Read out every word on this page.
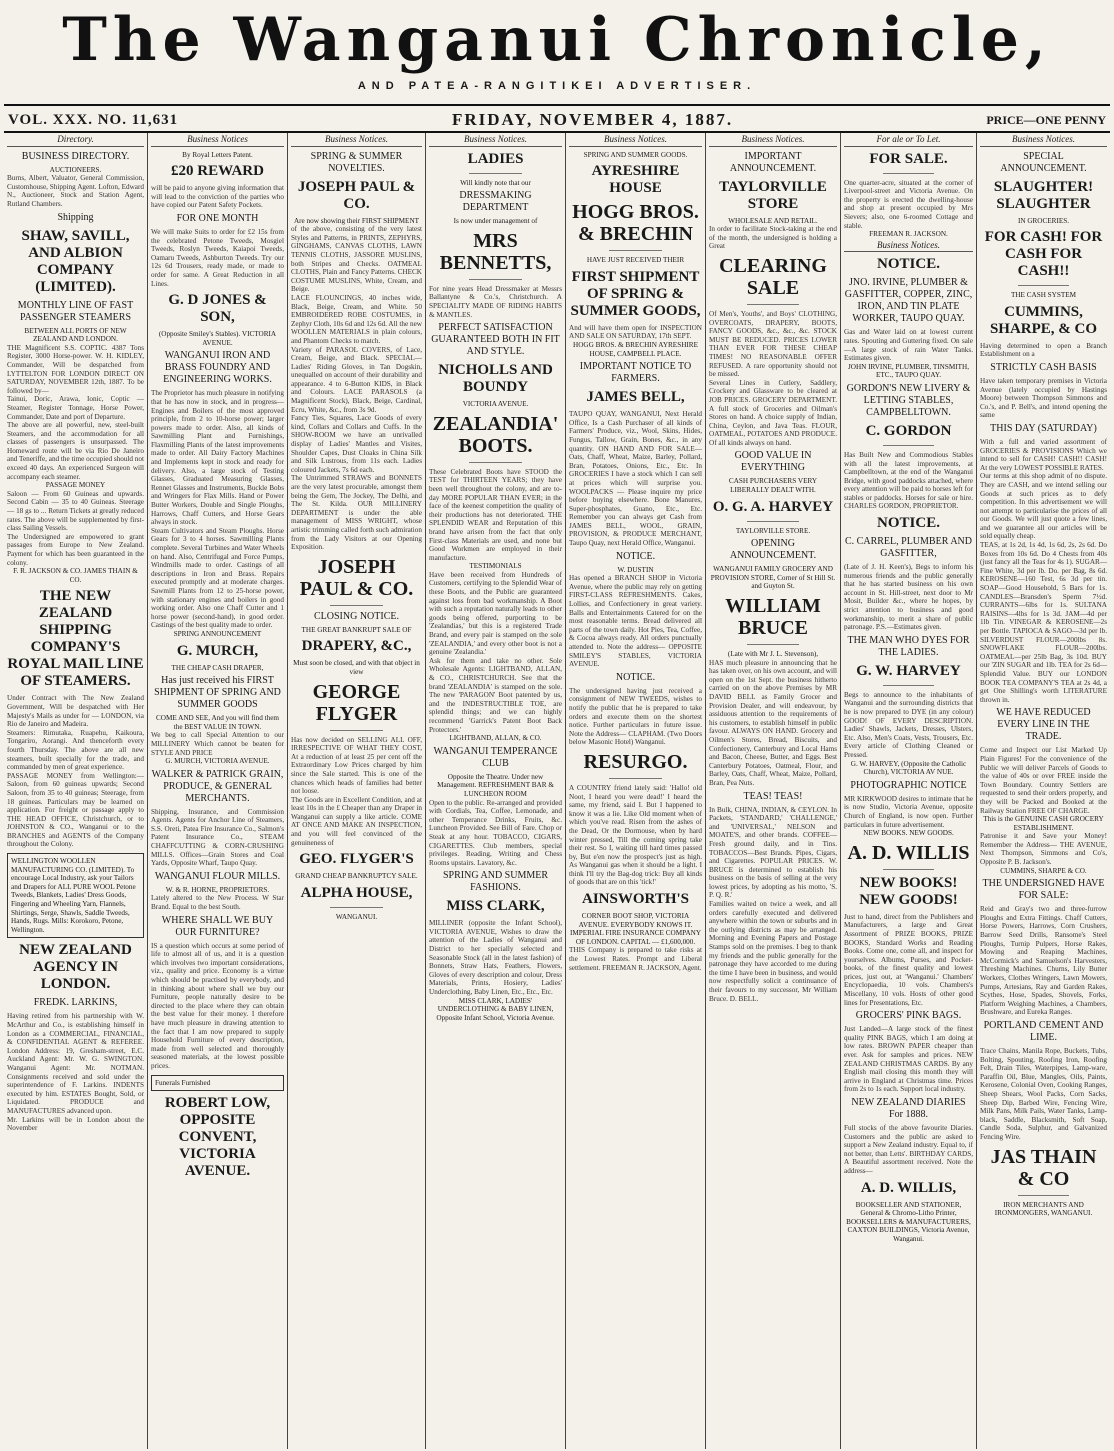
The Wanganui Chronicle,
AND PATEA-RANGITIKEI ADVERTISER.
VOL. XXX. NO. 11,631	FRIDAY, NOVEMBER 4, 1887.	PRICE—ONE PENNY
Directory.
BUSINESS DIRECTORY.
AUCTIONEERS.
Burns, Albert, Valuator, General Commission, Customhouse, Shipping Agent. Lofton, Edward N., Auctioneer, Stock and Station Agent, Rutland Chambers.
Shipping
SHAW, SAVILL, AND ALBION COMPANY (LIMITED).
MONTHLY LINE OF FAST PASSENGER STEAMERS
BETWEEN ALL PORTS OF NEW ZEALAND AND LONDON.
THE Magnificent S.S. COPTIC. 4387 Tons Register, 3000 Horse-power. W. H. KIDLEY, Commander, Will be despatched from LYTTELTON FOR LONDON DIRECT ON SATURDAY, NOVEMBER 12th, 1887. To be followed by—
Tainui, Doric, Arawa, Ionic, Coptic — Steamer, Register Tonnage, Horse Power, Commander, Date and port of Departure.
The above are all powerful, new, steel-built Steamers, and the accommodation for all classes of passengers is unsurpassed. The Homeward route will be via Rio De Janeiro and Teneriffe, and the time occupied should not exceed 40 days. An experienced Surgeon will accompany each steamer.
PASSAGE MONEY
Saloon — From 60 Guineas and upwards. Second Cabin — 35 to 40 Guineas. Steerage — 18 gs to ... Return Tickets at greatly reduced rates. The above will be supplemented by first-class Sailing Vessels.
The Undersigned are empowered to grant passages from Europe to New Zealand. Payment for which has been guaranteed in the colony.
F. R. JACKSON & CO. JAMES THAIN & CO.
THE NEW ZEALAND SHIPPING COMPANY'S ROYAL MAIL LINE OF STEAMERS.
Under Contract with The New Zealand Government, Will be despatched with Her Majesty's Mails as under for — LONDON, via Rio de Janeiro and Madeira.
Steamers: Rimutaka, Ruapehu, Kaikoura, Tongariro, Aorangi. And thenceforth every fourth Thursday. The above are all new steamers, built specially for the trade, and commanded by men of great experience.
PASSAGE MONEY from Wellington:— Saloon, from 60 guineas upwards; Second Saloon, from 35 to 40 guineas; Steerage, from 18 guineas. Particulars may be learned on application. For freight or passage apply to THE HEAD OFFICE, Christchurch, or to JOHNSTON & CO., Wanganui or to the BRANCHES and AGENTS of the Company throughout the Colony.
WELLINGTON WOOLLEN MANUFACTURING CO. (LIMITED). To encourage Local Industry, ask your Tailors and Drapers for ALL PURE WOOL Petone Tweeds, Blankets, Ladies' Dress Goods, Fingering and Wheeling Yarn, Flannels, Shirtings, Serge, Shawls, Saddle Tweeds, Hands, Rugs. Mills: Korokoro, Petone, Wellington.
NEW ZEALAND AGENCY IN LONDON.
FREDK. LARKINS,
Having retired from his partnership with W. McArthur and Co., is establishing himself in London as a COMMERCIAL, FINANCIAL, & CONFIDENTIAL AGENT & REFEREE. London Address: 19, Gresham-street, E.C. Auckland Agent: Mr. W. G. SWINGTON. Wanganui Agent: Mr. NOTMAN. Consignments received and sold under the superintendence of F. Larkins. INDENTS executed by him. ESTATES Bought, Sold, or Liquidated. PRODUCE and MANUFACTURES advanced upon.
Mr. Larkins will be in London about the November
Business Notices
By Royal Letters Patent.
£20 REWARD
will be paid to anyone giving information that will lead to the conviction of the parties who have copied our Patent Safety Pockets.
FOR ONE MONTH
We will make Suits to order for £2 15s from the celebrated Petone Tweeds, Mosgiel Tweeds, Roslyn Tweeds, Kaiapoi Tweeds, Oamaru Tweeds, Ashburton Tweeds. Try our 12s 6d Trousers, ready made, or made to order for same. A Great Reduction in all Lines.
G. D JONES & SON,
(Opposite Smiley's Stables). VICTORIA AVENUE.
WANGANUI IRON AND BRASS FOUNDRY AND ENGINEERING WORKS.
The Proprietor has much pleasure in notifying that he has now in stock, and in progress— Engines and Boilers of the most approved principle, from 2 to 10-horse power; larger powers made to order. Also, all kinds of Sawmilling Plant and Furnishings, Flaxmilling Plants of the latest improvements made to order. All Dairy Factory Machines and Implements kept in stock and ready for delivery. Also, a large stock of Testing Glasses, Graduated Measuring Glasses, Rennet Glasses and Instruments, Buckle Bobs and Wringers for Flax Mills. Hand or Power Butter Workers, Double and Single Ploughs, Harrows, Chaff Cutters, and Horse Gears always in stock.
Steam Cultivators and Steam Ploughs. Horse Gears for 3 to 4 horses. Sawmilling Plants complete. Several Turbines and Water Wheels on hand. Also, Centrifugal and Force Pumps, Windmills made to order. Castings of all descriptions in Iron and Brass. Repairs executed promptly and at moderate charges. Sawmill Plants from 12 to 25-horse power, with stationary engines and boilers in good working order. Also one Chaff Cutter and 1 horse power (second-hand), in good order. Castings of the best quality made to order.
SPRING ANNOUNCEMENT
G. MURCH,
THE CHEAP CASH DRAPER,
Has just received his FIRST SHIPMENT OF SPRING AND SUMMER GOODS
COME AND SEE, And you will find them the BEST VALUE IN TOWN.
We beg to call Special Attention to our MILLINERY Which cannot be beaten for STYLE AND PRICE
G. MURCH, VICTORIA AVENUE.
WALKER & PATRICK GRAIN, PRODUCE, & GENERAL MERCHANTS.
Shipping, Insurance, and Commission Agents. Agents for Anchor Line of Steamers, S.S. Oreti, Patea Fire Insurance Co., Salmon's Patent Insurance Co., STEAM CHAFFCUTTING & CORN-CRUSHING MILLS. Offices—Grain Stores and Coal Yards, Opposite Wharf, Taupo Quay.
WANGANUI FLOUR MILLS.
W. & R. HORNE, PROPRIETORS.
Lately altered to the New Process. W Star Brand. Equal to the best South.
WHERE SHALL WE BUY OUR FURNITURE?
IS a question which occurs at some period of life to almost all of us, and it is a question which involves two important considerations, viz., quality and price. Economy is a virtue which should be practised by everybody, and in thinking about where shall we buy our Furniture, people naturally desire to be directed to the place where they can obtain the best value for their money. I therefore have much pleasure in drawing attention to the fact that I am now prepared to supply Household Furniture of every description, made from well selected and thoroughly seasoned materials, at the lowest possible prices.
Funerals Furnished
ROBERT LOW, OPPOSITE CONVENT, VICTORIA AVENUE.
Business Notices.
SPRING & SUMMER NOVELTIES.
JOSEPH PAUL & CO.
Are now showing their FIRST SHIPMENT
of the above, consisting of the very latest Styles and Patterns, in PRINTS, ZEPHYRS, GINGHAMS, CANVAS CLOTHS, LAWN TENNIS CLOTHS, JASSORE MUSLINS, both Stripes and Checks. OATMEAL CLOTHS, Plain and Fancy Patterns. CHECK COSTUME MUSLINS, White, Cream, and Beige.
LACE FLOUNCINGS, 40 inches wide, Black, Beige, Cream, and White. 50 EMBROIDERED ROBE COSTUMES, in Zephyr Cloth, 10s 6d and 12s 6d. All the new WOOLLEN MATERIALS in plain colours, and Phantom Checks to match.
Variety of PARASOL COVERS, of Lace, Cream, Beige, and Black. SPECIAL—Ladies' Riding Gloves, in Tan Dogskin, unequalled on account of their durability and appearance. 4 to 6-Button KIDS, in Black and Colours. LACE PARASOLS (a Magnificent Stock), Black, Beige, Cardinal, Ecru, White, &c., from 3s 9d.
Fancy Ties, Squares, Lace Goods of every kind, Collars and Collars and Cuffs. In the SHOW-ROOM we have an unrivalled display of Ladies' Mantles and Visites, Shoulder Capes, Dust Cloaks in China Silk and Silk Lustrous, from 11s each. Ladies coloured Jackets, 7s 6d each.
The Untrimmed STRAWS and BONNETS are the very latest procurable, amongst them being the Gem, The Jockey, The Delhi, and The St. Kilda. OUR MILLINERY DEPARTMENT is under the able management of MISS WRIGHT, whose artistic trimming called forth such admiration from the Lady Visitors at our Opening Exposition.
JOSEPH PAUL & CO.
CLOSING NOTICE.
THE GREAT BANKRUPT SALE OF
DRAPERY, &C.,
Must soon be closed, and with that object in view
GEORGE FLYGER
Has now decided on SELLING ALL OFF, IRRESPECTIVE OF WHAT THEY COST, At a reduction of at least 25 per cent off the Extraordinary Low Prices charged by him since the Sale started. This is one of the chances which heads of families had better not loose.
The Goods are in Excellent Condition, and at least 10s in the £ Cheaper than any Draper in Wanganui can supply a like article. COME AT ONCE AND MAKE AN INSPECTION, and you will feel convinced of the genuineness of
GEO. FLYGER'S
GRAND CHEAP BANKRUPTCY SALE.
ALPHA HOUSE,
WANGANUI.
Business Notices.
LADIES
Will kindly note that our
DRESSMAKING DEPARTMENT
Is now under management of
MRS BENNETTS,
For nine years Head Dressmaker at Messrs Ballantyne & Co.'s, Christchurch. A SPECIALITY MADE OF RIDING HABITS & MANTLES.
PERFECT SATISFACTION GUARANTEED BOTH IN FIT AND STYLE.
NICHOLLS AND BOUNDY
VICTORIA AVENUE.
ZEALANDIA' BOOTS.
These Celebrated Boots have STOOD the TEST for THIRTEEN YEARS; they have been well throughout the colony, and are to-day MORE POPULAR THAN EVER; in the face of the keenest competition the quality of their productions has not deteriorated. THE SPLENDID WEAR and Reputation of this brand have arisen from the fact that only First-class Materials are used, and none but Good Workmen are employed in their manufacture.
TESTIMONIALS
Have been received from Hundreds of Customers, certifying to the Splendid Wear of these Boots, and the Public are guaranteed against loss from bad workmanship. A Boot with such a reputation naturally leads to other goods being offered, purporting to be 'Zealandias,' but this is a registered Trade Brand, and every pair is stamped on the sole 'ZEALANDIA,' and every other boot is not a genuine 'Zealandia.'
Ask for them and take no other. Sole Wholesale Agents: LIGHTBAND, ALLAN, & CO., CHRISTCHURCH. See that the brand 'ZEALANDIA' is stamped on the sole. The new 'PARAGON' Boot patented by us, and the INDESTRUCTIBLE TOE, are splendid things; and we can highly recommend 'Garrick's Patent Boot Back Protectors.'
LIGHTBAND, ALLAN, & CO.
WANGANUI TEMPERANCE CLUB
Opposite the Theatre. Under new Management. REFRESHMENT BAR & LUNCHEON ROOM
Open to the public. Re-arranged and provided with Cordials, Tea, Coffee, Lemonade, and other Temperance Drinks, Fruits, &c. Luncheon Provided. See Bill of Fare. Chop or Steak at any hour. TOBACCO, CIGARS, CIGARETTES. Club members, special privileges. Reading, Writing and Chess Rooms upstairs. Lavatory, &c.
SPRING AND SUMMER FASHIONS.
MISS CLARK,
MILLINER (opposite the Infant School), VICTORIA AVENUE, Wishes to draw the attention of the Ladies of Wanganui and District to her specially selected and Seasonable Stock (all in the latest fashion) of Bonnets, Straw Hats, Feathers, Flowers, Gloves of every description and colour, Dress Materials, Prints, Hosiery, Ladies' Underclothing, Baby Linen, Etc., Etc., Etc.
MISS CLARK, LADIES' UNDERCLOTHING & BABY LINEN, Opposite Infant School, Victoria Avenue.
Business Notices.
SPRING AND SUMMER GOODS.
AYRESHIRE HOUSE
HOGG BROS. & BRECHIN
HAVE JUST RECEIVED THEIR
FIRST SHIPMENT OF SPRING & SUMMER GOODS,
And will have them open for INSPECTION AND SALE ON SATURDAY, 17th SEPT.
HOGG BROS. & BRECHIN AYRESHIRE HOUSE, CAMPBELL PLACE.
IMPORTANT NOTICE TO FARMERS.
JAMES BELL,
TAUPO QUAY, WANGANUI, Next Herald Office, Is a Cash Purchaser of all kinds of Farmers' Produce, viz., Wool, Skins, Hides, Fungus, Tallow, Grain, Bones, &c., in any quantity. ON HAND AND FOR SALE—Oats, Chaff, Wheat, Maize, Barley, Pollard, Bran, Potatoes, Onions, Etc., Etc. In GROCERIES I have a stock which I can sell at prices which will surprise you. WOOLPACKS — Please inquire my price before buying elsewhere. Bone Manures, Super-phosphates, Guano, Etc., Etc. Remember you can always get Cash from JAMES BELL, WOOL, GRAIN, PROVISION, & PRODUCE MERCHANT, Taupo Quay, next Herald Office, Wanganui.
NOTICE.
W. DUSTIN
Has opened a BRANCH SHOP in Victoria Avenue, where the public may rely on getting FIRST-CLASS REFRESHMENTS. Cakes, Lollies, and Confectionery in great variety. Balls and Entertainments Catered for on the most reasonable terms. Bread delivered all parts of the town daily. Hot Pies, Tea, Coffee, & Cocoa always ready. All orders punctually attended to. Note the address— OPPOSITE SMILEY'S STABLES, VICTORIA AVENUE.
NOTICE.
The undersigned having just received a consignment of NEW TWEEDS, wishes to notify the public that he is prepared to take orders and execute them on the shortest notice. Further particulars in future issue. Note the Address— CLAPHAM. (Two Doors below Masonic Hotel) Wanganui.
RESURGO.
A COUNTRY friend lately said: 'Hallo! old Noot, I heard you were dead!' I heard the same, my friend, said I. But I happened to know it was a lie. Like Old moment when of which you've read. Risen from the ashes of the Dead, Or the Dormouse, when by hard winter pressed, Till the coming spring take their rest. So I, waiting till hard times passed by, But e'en now the prospect's just as high. As Wanganui gas when it should be a light. I think I'll try the Bag-dog trick: Buy all kinds of goods that are on this 'tick!'
AINSWORTH'S
CORNER BOOT SHOP, VICTORIA AVENUE. EVERYBODY KNOWS IT.
IMPERIAL FIRE INSURANCE COMPANY OF LONDON. CAPITAL — £1,600,000.
THIS Company is prepared to take risks at the Lowest Rates. Prompt and Liberal settlement. FREEMAN R. JACKSON, Agent.
Business Notices.
IMPORTANT ANNOUNCEMENT.
TAYLORVILLE STORE
WHOLESALE AND RETAIL.
In order to facilitate Stock-taking at the end of the month, the undersigned is holding a Great
CLEARING SALE
Of Men's, Youths', and Boys' CLOTHING, OVERCOATS, DRAPERY, BOOTS, FANCY GOODS, &c., &c., &c. STOCK MUST BE REDUCED. PRICES LOWER THAN EVER FOR THESE CHEAP TIMES! NO REASONABLE OFFER REFUSED. A rare opportunity should not be missed.
Several Lines in Cutlery, Saddlery, Crockery and Glassware to be cleared at JOB PRICES. GROCERY DEPARTMENT. A full stock of Groceries and Oilman's Stores on hand. A choice supply of Indian, China, Ceylon, and Java Teas. FLOUR, OATMEAL, POTATOES AND PRODUCE. Of all kinds always on hand.
GOOD VALUE IN EVERYTHING
CASH PURCHASERS VERY LIBERALLY DEALT WITH.
O. G. A. HARVEY
TAYLORVILLE STORE.
OPENING ANNOUNCEMENT.
WANGANUI FAMILY GROCERY AND PROVISION STORE, Corner of St Hill St. and Guyton St.
WILLIAM BRUCE
(Late with Mr J. L. Stevenson),
HAS much pleasure in announcing that he has taken over, on his own account, and will open on the 1st Sept. the business hitherto carried on on the above Premises by MR DAVID BELL as Family Grocer and Provision Dealer, and will endeavour, by assiduous attention to the requirements of his customers, to establish himself in public favour. ALWAYS ON HAND. Grocery and Oilmen's Stores, Bread, Biscuits, and Confectionery, Canterbury and Local Hams and Bacon, Cheese, Butter, and Eggs. Best Canterbury Potatoes, Oatmeal, Flour, and Barley, Oats, Chaff, Wheat, Maize, Pollard, Bran, Pea Nuts.
TEAS! TEAS!
In Bulk, CHINA, INDIAN, & CEYLON. In Packets, 'STANDARD,' 'CHALLENGE,' and 'UNIVERSAL,' NELSON and MOATE'S, and other brands. COFFEE—Fresh ground daily, and in Tins. TOBACCOS—Best Brands. Pipes, Cigars, and Cigarettes. POPULAR PRICES. W. BRUCE is determined to establish his business on the basis of selling at the very lowest prices, by adopting as his motto, 'S. P. Q. R.'
Families waited on twice a week, and all orders carefully executed and delivered anywhere within the town or suburbs and in the outlying districts as may be arranged. Morning and Evening Papers and Postage Stamps sold on the premises. I beg to thank my friends and the public generally for the patronage they have accorded to me during the time I have been in business, and would now respectfully solicit a continuance of their favours to my successor, Mr William Bruce. D. BELL.
For ale or To Let.
FOR SALE.
One quarter-acre, situated at the corner of Liverpool-street and Victoria Avenue. On the property is erected the dwelling-house and shop at present occupied by Mrs Sievers; also, one 6-roomed Cottage and stable.
FREEMAN R. JACKSON.
Business Notices.
NOTICE.
JNO. IRVINE, PLUMBER & GASFITTER, COPPER, ZINC, IRON, AND TIN PLATE WORKER, TAUPO QUAY.
Gas and Water laid on at lowest current rates. Spouting and Guttering fixed. On sale—A large stock of rain Water Tanks. Estimates given.
JOHN IRVINE, PLUMBER, TINSMITH, ETC., TAUPO QUAY.
GORDON'S NEW LIVERY & LETTING STABLES, CAMPBELLTOWN.
C. GORDON
Has Built New and Commodious Stables with all the latest improvements, at Campbelltown, at the end of the Wanganui Bridge, with good paddocks attached, where every attention will be paid to horses left for stables or paddocks. Horses for sale or hire. CHARLES GORDON, PROPRIETOR.
NOTICE.
C. CARREL, PLUMBER AND GASFITTER,
(Late of J. H. Keen's), Begs to inform his numerous friends and the public generally that he has started business on his own account in St. Hill-street, next door to Mr Mosit, Builder &c., where he hopes, by strict attention to business and good workmanship, to merit a share of public patronage. P.S.—Estimates given.
THE MAN WHO DYES FOR THE LADIES.
G. W. HARVEY
Begs to announce to the inhabitants of Wanganui and the surrounding districts that he is now prepared to DYE (in any colour) GOOD! OF EVERY DESCRIPTION. Ladies' Shawls, Jackets, Dresses, Ulsters, Etc. Also, Men's Coats, Vests, Trousers, Etc. Every article of Clothing Cleaned or Pressed.
G. W. HARVEY, (Opposite the Catholic Church), VICTORIA AV NUE.
PHOTOGRAPHIC NOTICE
MR KIRKWOOD desires to intimate that he is now Studio, Victoria Avenue, opposite Church of England, is now open. Further particulars in future advertisement.
NEW BOOKS. NEW GOODS.
A. D. WILLIS
NEW BOOKS! NEW GOODS!
Just to hand, direct from the Publishers and Manufacturers, a large and Great Assortment of PRIZE BOOKS, PRIZE BOOKS, Standard Works and Reading Books. Come one, come all, and inspect for yourselves. Albums, Purses, and Pocket-books, of the finest quality and lowest prices, just out, at 'Wanganui.' Chambers' Encyclopaedia, 10 vols. Chambers's Miscellany, 10 vols. Hosts of other good lines for Presentations, Etc.
GROCERS' PINK BAGS.
Just Landed—A large stock of the finest quality PINK BAGS, which I am doing at low rates. BROWN PAPER cheaper than ever. Ask for samples and prices. NEW ZEALAND CHRISTMAS CARDS. By any English mail closing this month they will arrive in England at Christmas time. Prices from 2s to 1s each. Support local industry.
NEW ZEALAND DIARIES For 1888.
Full stocks of the above favourite Diaries. Customers and the public are asked to support a New Zealand industry. Equal to, if not better, than Letts'. BIRTHDAY CARDS, A Beautiful assortment received. Note the address—
A. D. WILLIS,
BOOKSELLER AND STATIONER, General & Chromo-Litho Printer, BOOKSELLERS & MANUFACTURERS, CAXTON BUILDINGS, Victoria Avenue, Wanganui.
Business Notices.
SPECIAL ANNOUNCEMENT.
SLAUGHTER! SLAUGHTER
IN GROCERIES.
FOR CASH! FOR CASH FOR CASH!!
THE CASH SYSTEM
CUMMINS, SHARPE, & CO
Having determined to open a Branch Establishment on a
STRICTLY CASH BASIS
Have taken temporary premises in Victoria Avenue (lately occupied by Hastings Moore) between Thompson Simmons and Co.'s, and P. Bell's, and intend opening the same
THIS DAY (SATURDAY)
With a full and varied assortment of GROCERIES & PROVISIONS Which we intend to sell for CASH! CASH!! CASH! At the very LOWEST POSSIBLE RATES.
Our terms at this shop admit of no dispute. They are CASH, and we intend selling our Goods at such prices as to defy competition. In this advertisement we will not attempt to particularise the prices of all our Goods. We will just quote a few lines, and we guarantee all our articles will be sold equally cheap.
TEAS, at 1s 2d, 1s 4d, 1s 6d, 2s, 2s 6d. Do Boxes from 10s 6d. Do 4 Chests from 40s (just fancy all the Teas for 4s 1). SUGAR—Fine White, 3d per lb. Do. per Bag, 8s 6d. KEROSENE—160 Test, 6s 3d per tin. SOAP—Good Household, 5 Bars for 1s. CANDLES—Bransden's Sperm 7½d. CURRANTS—6lbs for 1s. SULTANA RAISINS—4lbs for 1s 3d. JAM—4d per 1lb Tin. VINEGAR & KEROSENE—2s per Bottle. TAPIOCA & SAGO—3d per lb. SILVERDUST FLOUR—200lbs 8s. SNOWFLAKE FLOUR—200lbs. OATMEAL—per 25lb Bag, 3s 10d. BUY our 'ZIN SUGAR and 1lb. TEA for 2s 6d—Splendid Value. BUY our LONDON BOOK TEA COMPANY'S TEA at 2s 4d, a get One Shilling's worth LITERATURE thrown in.
WE HAVE REDUCED EVERY LINE IN THE TRADE.
Come and Inspect our List Marked Up Plain Figures! For the convenience of the Public we will deliver Parcels of Goods to the value of 40s or over FREE inside the Town Boundary. Country Settlers are requested to send their orders properly, and they will be Packed and Booked at the Railway Station FREE OF CHARGE.
This is the GENUINE CASH GROCERY ESTABLISHMENT.
Patronise it and Save your Money! Remember the Address— THE AVENUE, Next Thompson, Simmons and Co's, Opposite P. B. Jackson's.
CUMMINS, SHARPE & CO.
THE UNDERSIGNED HAVE FOR SALE:
Reid and Gray's two and three-furrow Ploughs and Extra Fittings. Chaff Cutters, Horse Powers, Harrows, Corn Crushers, Barrow Seed Drills, Ransome's Steel Ploughs, Turnip Pulpers, Horse Rakes, Mowing and Reaping Machines, McCormick's and Samuelson's Harvesters, Threshing Machines. Churns, Lily Butter Workers, Clothes Wringers, Lawn Mowers, Pumps, Artesians, Ray and Garden Rakes, Scythes, Hose, Spades, Shovels, Forks, Platform Weighing Machines, a Chambers, Brushware, and Eureka Ranges.
PORTLAND CEMENT AND LIME.
Trace Chains, Manila Rope, Buckets, Tubs, Bolting, Spouting, Roofing Iron, Roofing Felt, Drain Tiles, Waterpipes, Lamp-ware, Paraffin Oil, Blue, Mangles, Oils, Paints, Kerosene, Colonial Oven, Cooking Ranges, Sheep Shears, Wool Packs, Corn Sacks, Sheep Dip, Barbed Wire, Fencing Wire, Milk Pans, Milk Pails, Water Tanks, Lamp-black, Saddle, Blacksmith, Soft Soap, Candle Soda, Sulphur, and Galvanized Fencing Wire.
JAS THAIN & CO
IRON MERCHANTS AND IRONMONGERS, WANGANUI.
